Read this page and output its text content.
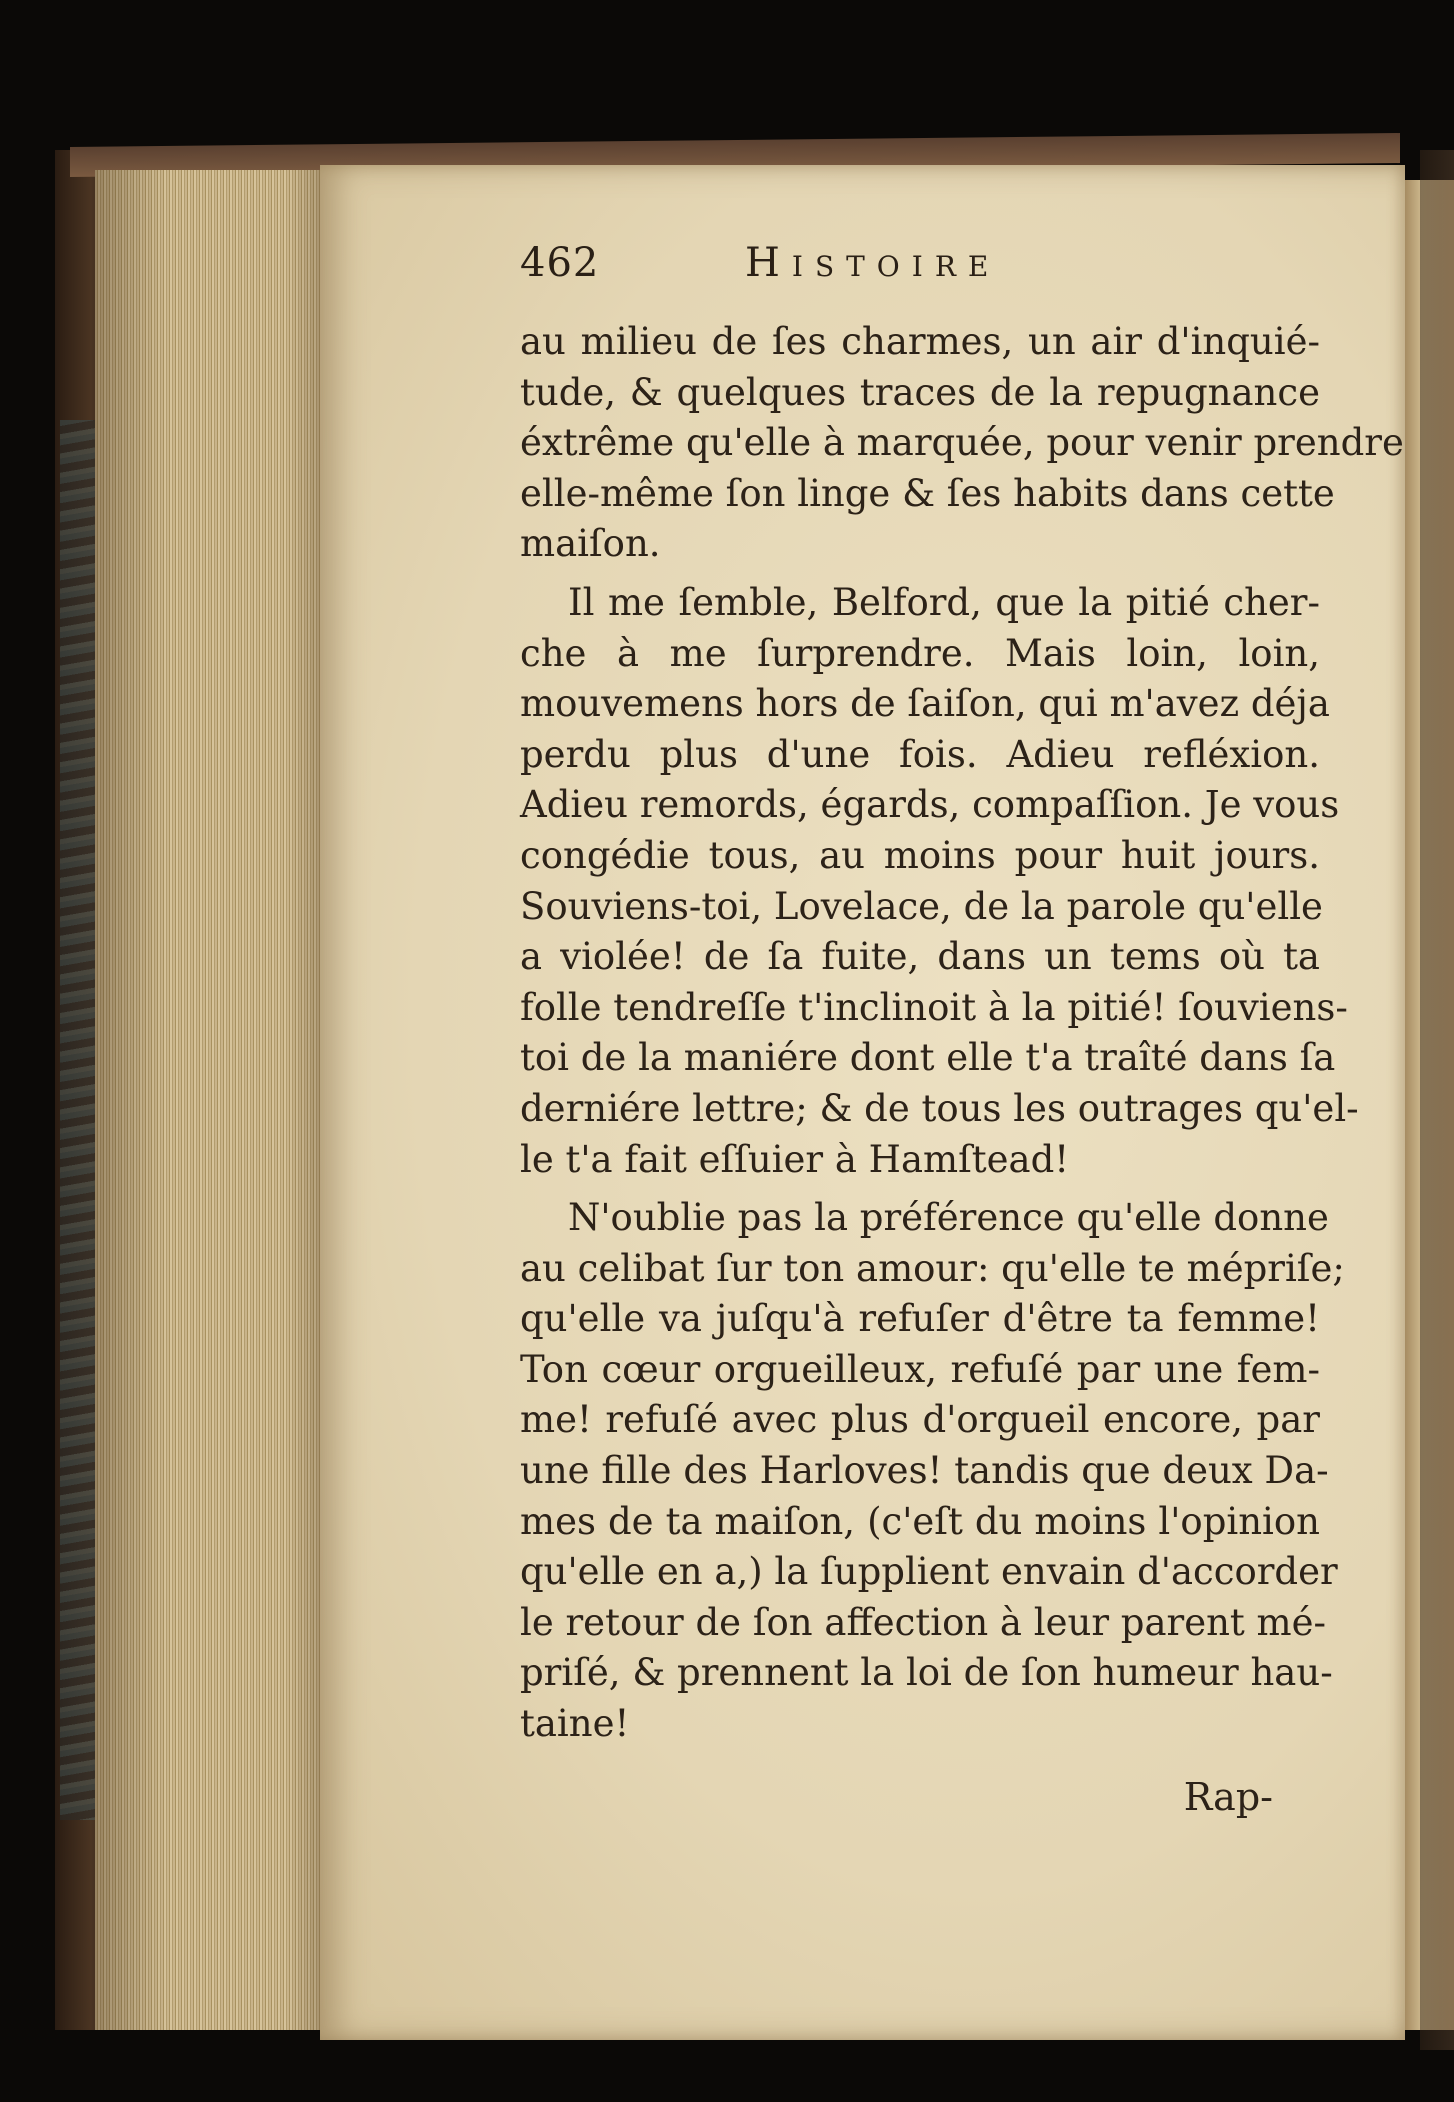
462	Histoire
au milieu de ſes charmes, un air d'inquié-
tude, & quelques traces de la repugnance
éxtrême qu'elle à marquée, pour venir prendre
elle-même ſon linge & ſes habits dans cette
maiſon.
Il me ſemble, Belford, que la pitié cher-
che à me ſurprendre. Mais loin, loin,
mouvemens hors de ſaiſon, qui m'avez déja
perdu plus d'une fois. Adieu refléxion.
Adieu remords, égards, compaſſion. Je vous
congédie tous, au moins pour huit jours.
Souviens-toi, Lovelace, de la parole qu'elle
a violée! de ſa fuite, dans un tems où ta
folle tendreſſe t'inclinoit à la pitié! ſouviens-
toi de la maniére dont elle t'a traîté dans ſa
derniére lettre; & de tous les outrages qu'el-
le t'a fait eſſuier à Hamſtead!
N'oublie pas la préférence qu'elle donne
au celibat ſur ton amour: qu'elle te mépriſe;
qu'elle va juſqu'à refuſer d'être ta femme!
Ton cœur orgueilleux, refuſé par une fem-
me! refuſé avec plus d'orgueil encore, par
une fille des Harloves! tandis que deux Da-
mes de ta maiſon, (c'eſt du moins l'opinion
qu'elle en a,) la ſupplient envain d'accorder
le retour de ſon affection à leur parent mé-
priſé, & prennent la loi de ſon humeur hau-
taine!
Rap-
